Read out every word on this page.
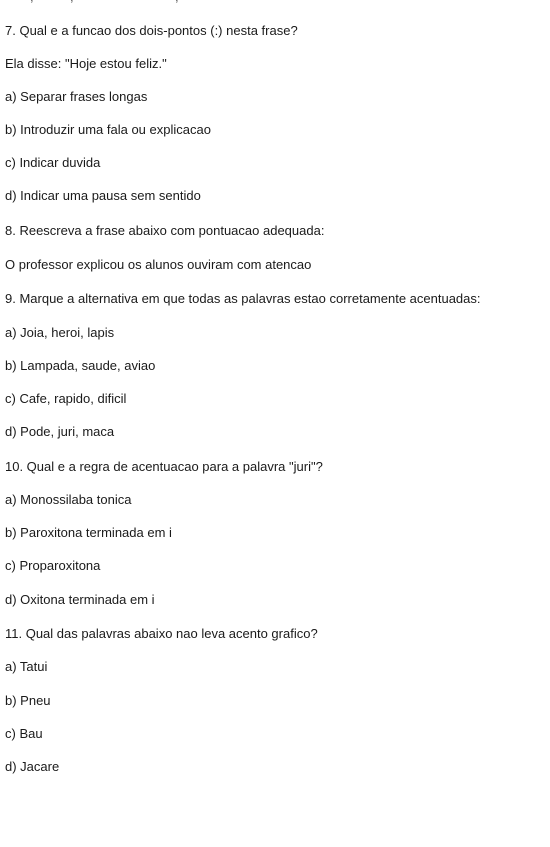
7. Qual e a funcao dos dois-pontos (:) nesta frase?
Ela disse: "Hoje estou feliz."
a) Separar frases longas
b) Introduzir uma fala ou explicacao
c) Indicar duvida
d) Indicar uma pausa sem sentido
8. Reescreva a frase abaixo com pontuacao adequada:
O professor explicou os alunos ouviram com atencao
9. Marque a alternativa em que todas as palavras estao corretamente acentuadas:
a) Joia, heroi, lapis
b) Lampada, saude, aviao
c) Cafe, rapido, dificil
d) Pode, juri, maca
10. Qual e a regra de acentuacao para a palavra "juri"?
a) Monossilaba tonica
b) Paroxitona terminada em i
c) Proparoxitona
d) Oxitona terminada em i
11. Qual das palavras abaixo nao leva acento grafico?
a) Tatui
b) Pneu
c) Bau
d) Jacare
